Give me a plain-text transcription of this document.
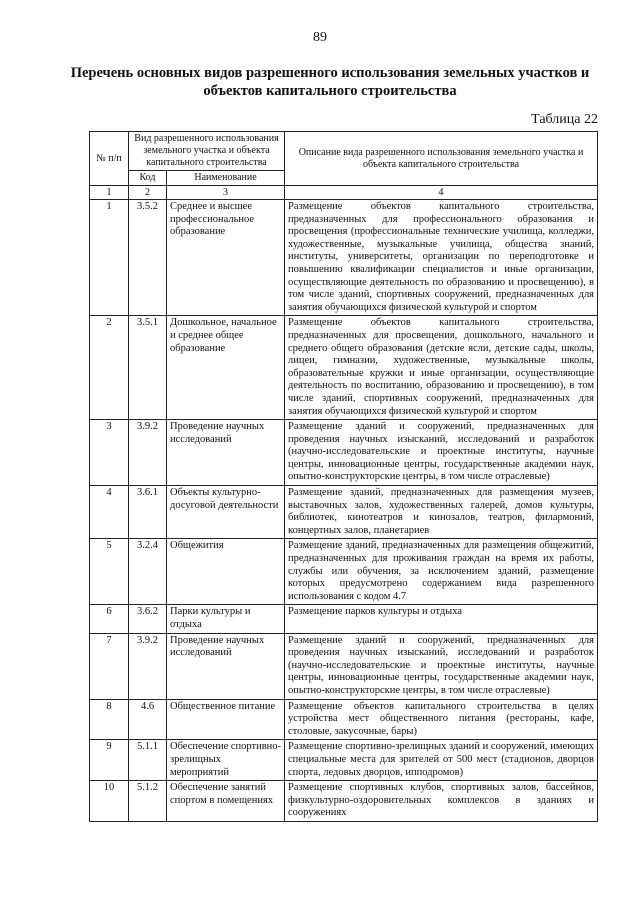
89
Перечень основных видов разрешенного использования земельных участков и объектов капитального строительства
Таблица 22
№ п/п	Вид разрешенного использования земельного участка и объекта капитального строительства		Описание вида разрешенного использования земельного участка и объекта капитального строительства
	Код	Наименование	
1	2	3	4
1	3.5.2	Среднее и высшее профессиональное образование	Размещение объектов капитального строительства, предназначенных для профессионального образования и просвещения (профессиональные технические училища, колледжи, художественные, музыкальные училища, общества знаний, институты, университеты, организации по переподготовке и повышению квалификации специалистов и иные организации, осуществляющие деятельность по образованию и просвещению), в том числе зданий, спортивных сооружений, предназначенных для занятия обучающихся физической культурой и спортом
2	3.5.1	Дошкольное, начальное и среднее общее образование	Размещение объектов капитального строительства, предназначенных для просвещения, дошкольного, начального и среднего общего образования (детские ясли, детские сады, школы, лицеи, гимназии, художественные, музыкальные школы, образовательные кружки и иные организации, осуществляющие деятельность по воспитанию, образованию и просвещению), в том числе зданий, спортивных сооружений, предназначенных для занятия обучающихся физической культурой и спортом
3	3.9.2	Проведение научных исследований	Размещение зданий и сооружений, предназначенных для проведения научных изысканий, исследований и разработок (научно-исследовательские и проектные институты, научные центры, инновационные центры, государственные академии наук, опытно-конструкторские центры, в том числе отраслевые)
4	3.6.1	Объекты культурно-досуговой деятельности	Размещение зданий, предназначенных для размещения музеев, выставочных залов, художественных галерей, домов культуры, библиотек, кинотеатров и кинозалов, театров, филармоний, концертных залов, планетариев
5	3.2.4	Общежития	Размещение зданий, предназначенных для размещения общежитий, предназначенных для проживания граждан на время их работы, службы или обучения, за исключением зданий, размещение которых предусмотрено содержанием вида разрешенного использования с кодом 4.7
6	3.6.2	Парки культуры и отдыха	Размещение парков культуры и отдыха
7	3.9.2	Проведение научных исследований	Размещение зданий и сооружений, предназначенных для проведения научных изысканий, исследований и разработок (научно-исследовательские и проектные институты, научные центры, инновационные центры, государственные академии наук, опытно-конструкторские центры, в том числе отраслевые)
8	4.6	Общественное питание	Размещение объектов капитального строительства в целях устройства мест общественного питания (рестораны, кафе, столовые, закусочные, бары)
9	5.1.1	Обеспечение спортивно-зрелищных мероприятий	Размещение спортивно-зрелищных зданий и сооружений, имеющих специальные места для зрителей от 500 мест (стадионов, дворцов спорта, ледовых дворцов, ипподромов)
10	5.1.2	Обеспечение занятий спортом в помещениях	Размещение спортивных клубов, спортивных залов, бассейнов, физкультурно-оздоровительных комплексов в зданиях и сооружениях
